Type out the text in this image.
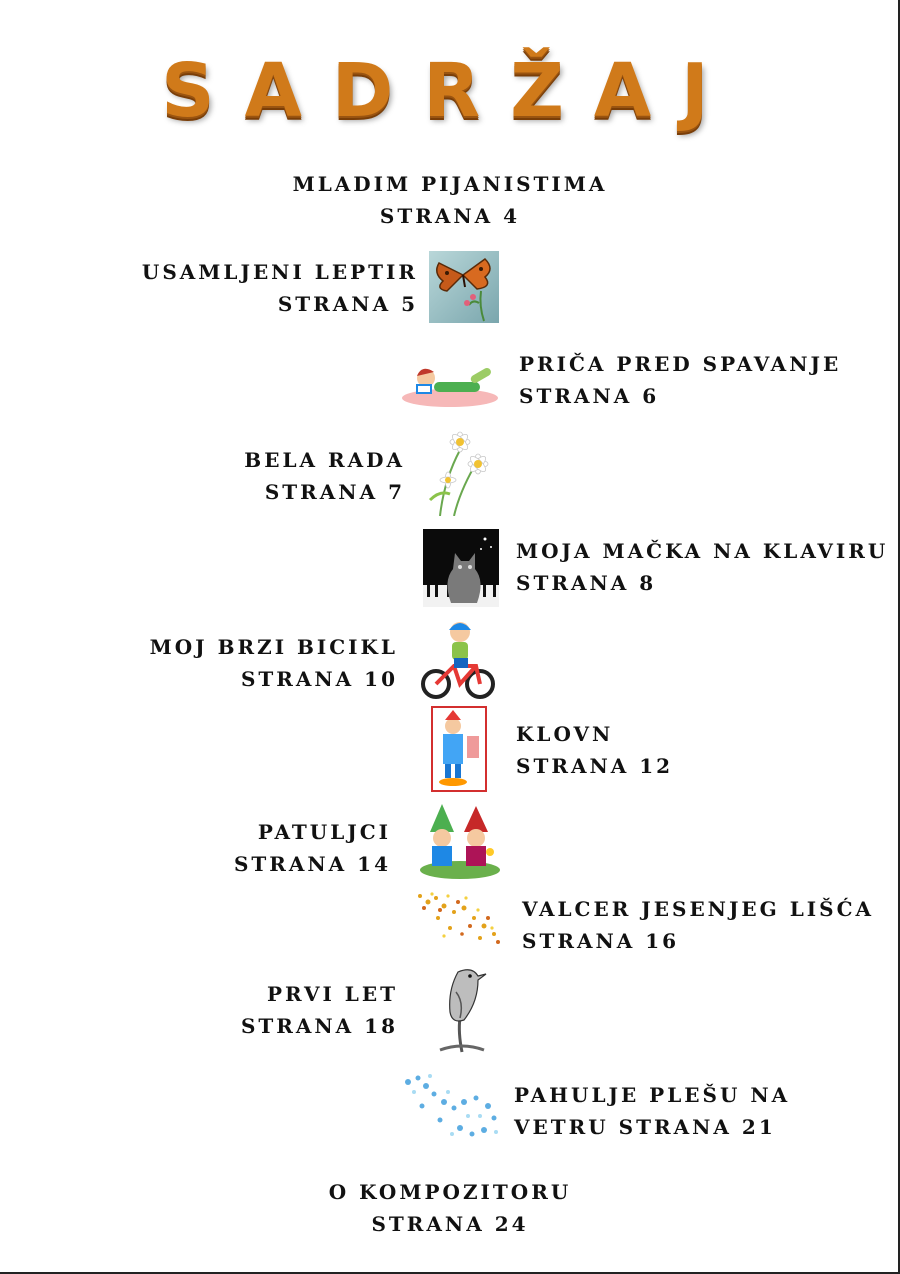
SADRŽAJ
MLADIM PIJANISTIMA
STRANA 4
USAMLJENI LEPTIR
STRANA 5
PRIČA PRED SPAVANJE
STRANA 6
BELA RADA
STRANA 7
MOJA MAČKA NA KLAVIRU
STRANA 8
MOJ BRZI BICIKL
STRANA 10
KLOVN
STRANA 12
PATULJCI
STRANA 14
VALCER JESENJEG LIŠĆA
STRANA 16
PRVI LET
STRANA 18
PAHULJE PLEŠU NA
VETRU STRANA 21
O KOMPOZITORU
STRANA 24
